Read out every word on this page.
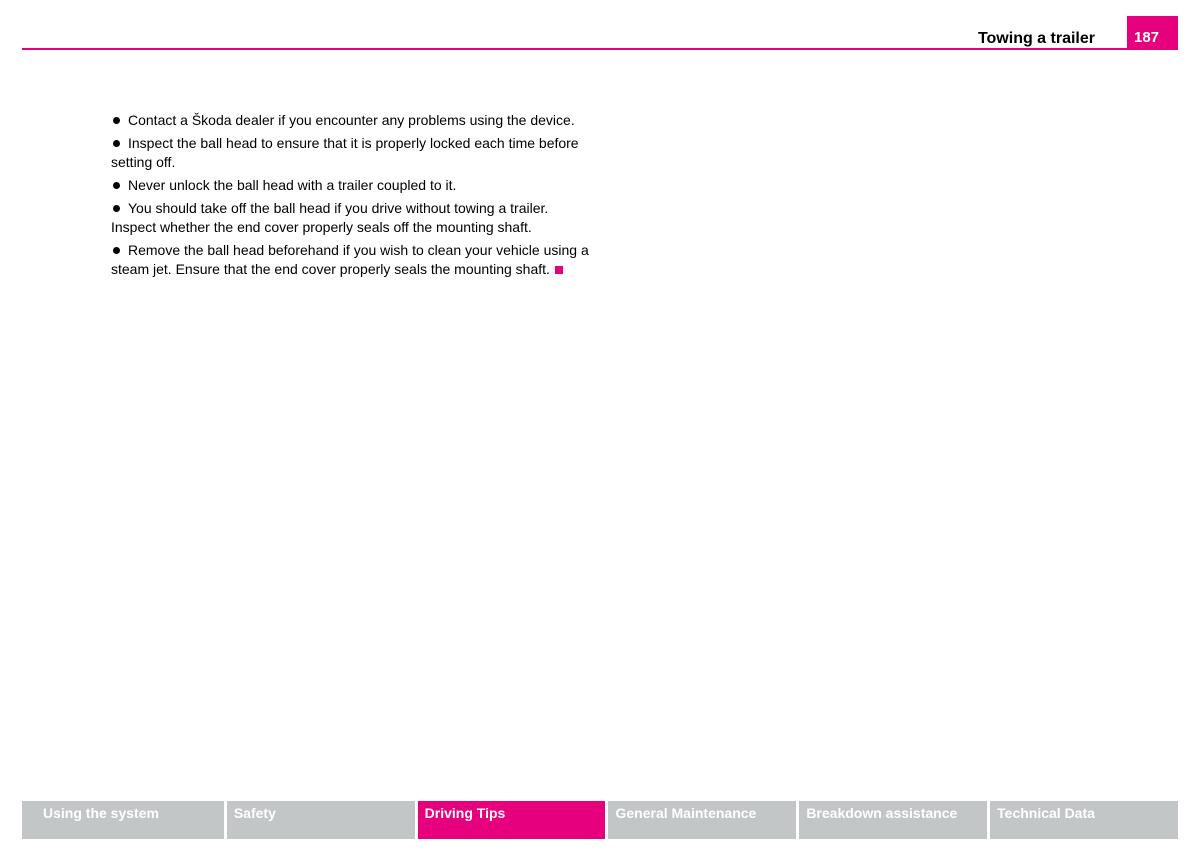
Towing a trailer	187

Contact a Škoda dealer if you encounter any problems using the device.

Inspect the ball head to ensure that it is properly locked each time before setting off.

Never unlock the ball head with a trailer coupled to it.

You should take off the ball head if you drive without towing a trailer. Inspect whether the end cover properly seals off the mounting shaft.

Remove the ball head beforehand if you wish to clean your vehicle using a steam jet. Ensure that the end cover properly seals the mounting shaft.

Using the system	Safety	Driving Tips	General Maintenance	Breakdown assistance	Technical Data
